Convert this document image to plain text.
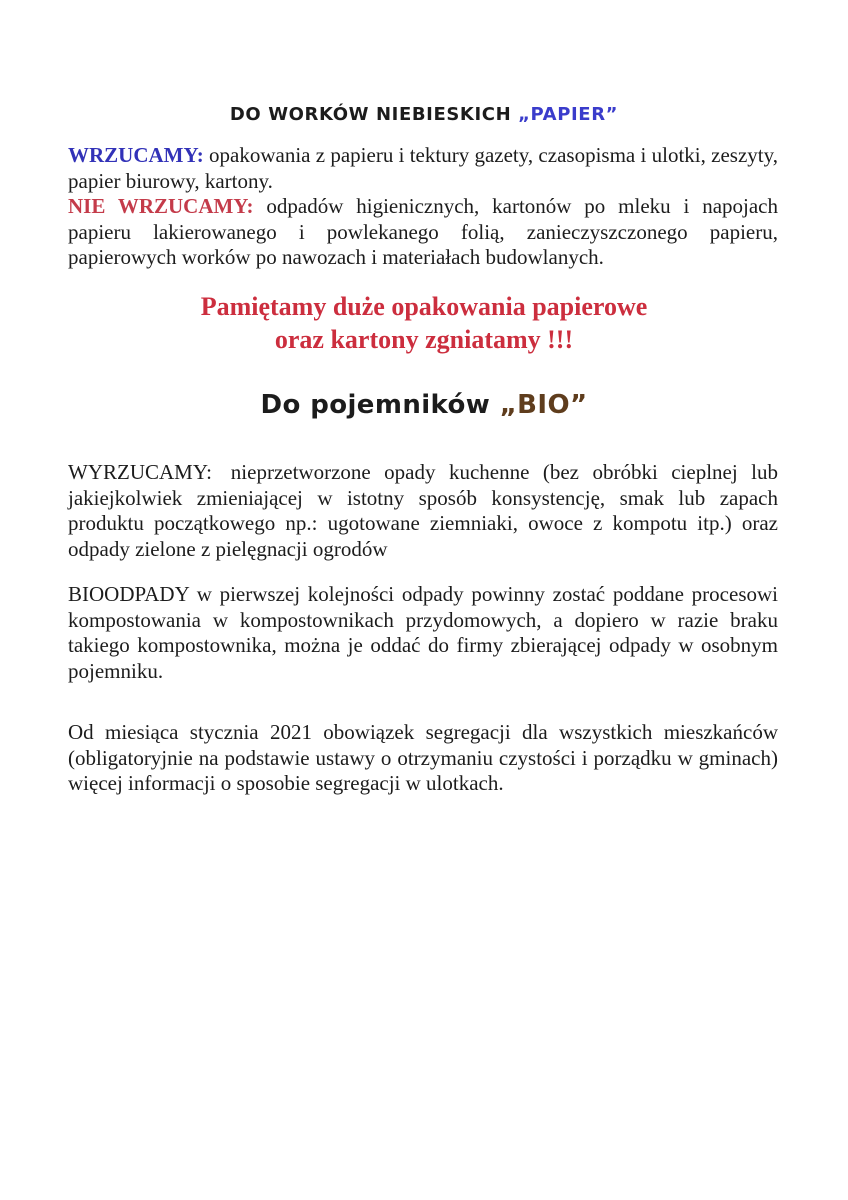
DO WORKÓW NIEBIESKICH „PAPIER”
WRZUCAMY: opakowania z papieru i tektury gazety, czasopisma i ulotki, zeszyty, papier biurowy, kartony.
NIE WRZUCAMY: odpadów higienicznych, kartonów po mleku i napojach papieru lakierowanego i powlekanego folią, zanieczyszczonego papieru, papierowych worków po nawozach i materiałach budowlanych.
Pamiętamy duże opakowania papierowe
oraz kartony zgniatamy !!!
Do pojemników „BIO”
WYRZUCAMY: nieprzetworzone opady kuchenne (bez obróbki cieplnej lub jakiejkolwiek zmieniającej w istotny sposób konsystencję, smak lub zapach produktu początkowego np.: ugotowane ziemniaki, owoce z kompotu itp.) oraz odpady zielone z pielęgnacji ogrodów
BIOODPADY w pierwszej kolejności odpady powinny zostać poddane procesowi kompostowania w kompostownikach przydomowych, a dopiero w razie braku takiego kompostownika, można je oddać do firmy zbierającej odpady w osobnym pojemniku.
Od miesiąca stycznia 2021 obowiązek segregacji dla wszystkich mieszkańców (obligatoryjnie na podstawie ustawy o otrzymaniu czystości i porządku w gminach) więcej informacji o sposobie segregacji w ulotkach.
